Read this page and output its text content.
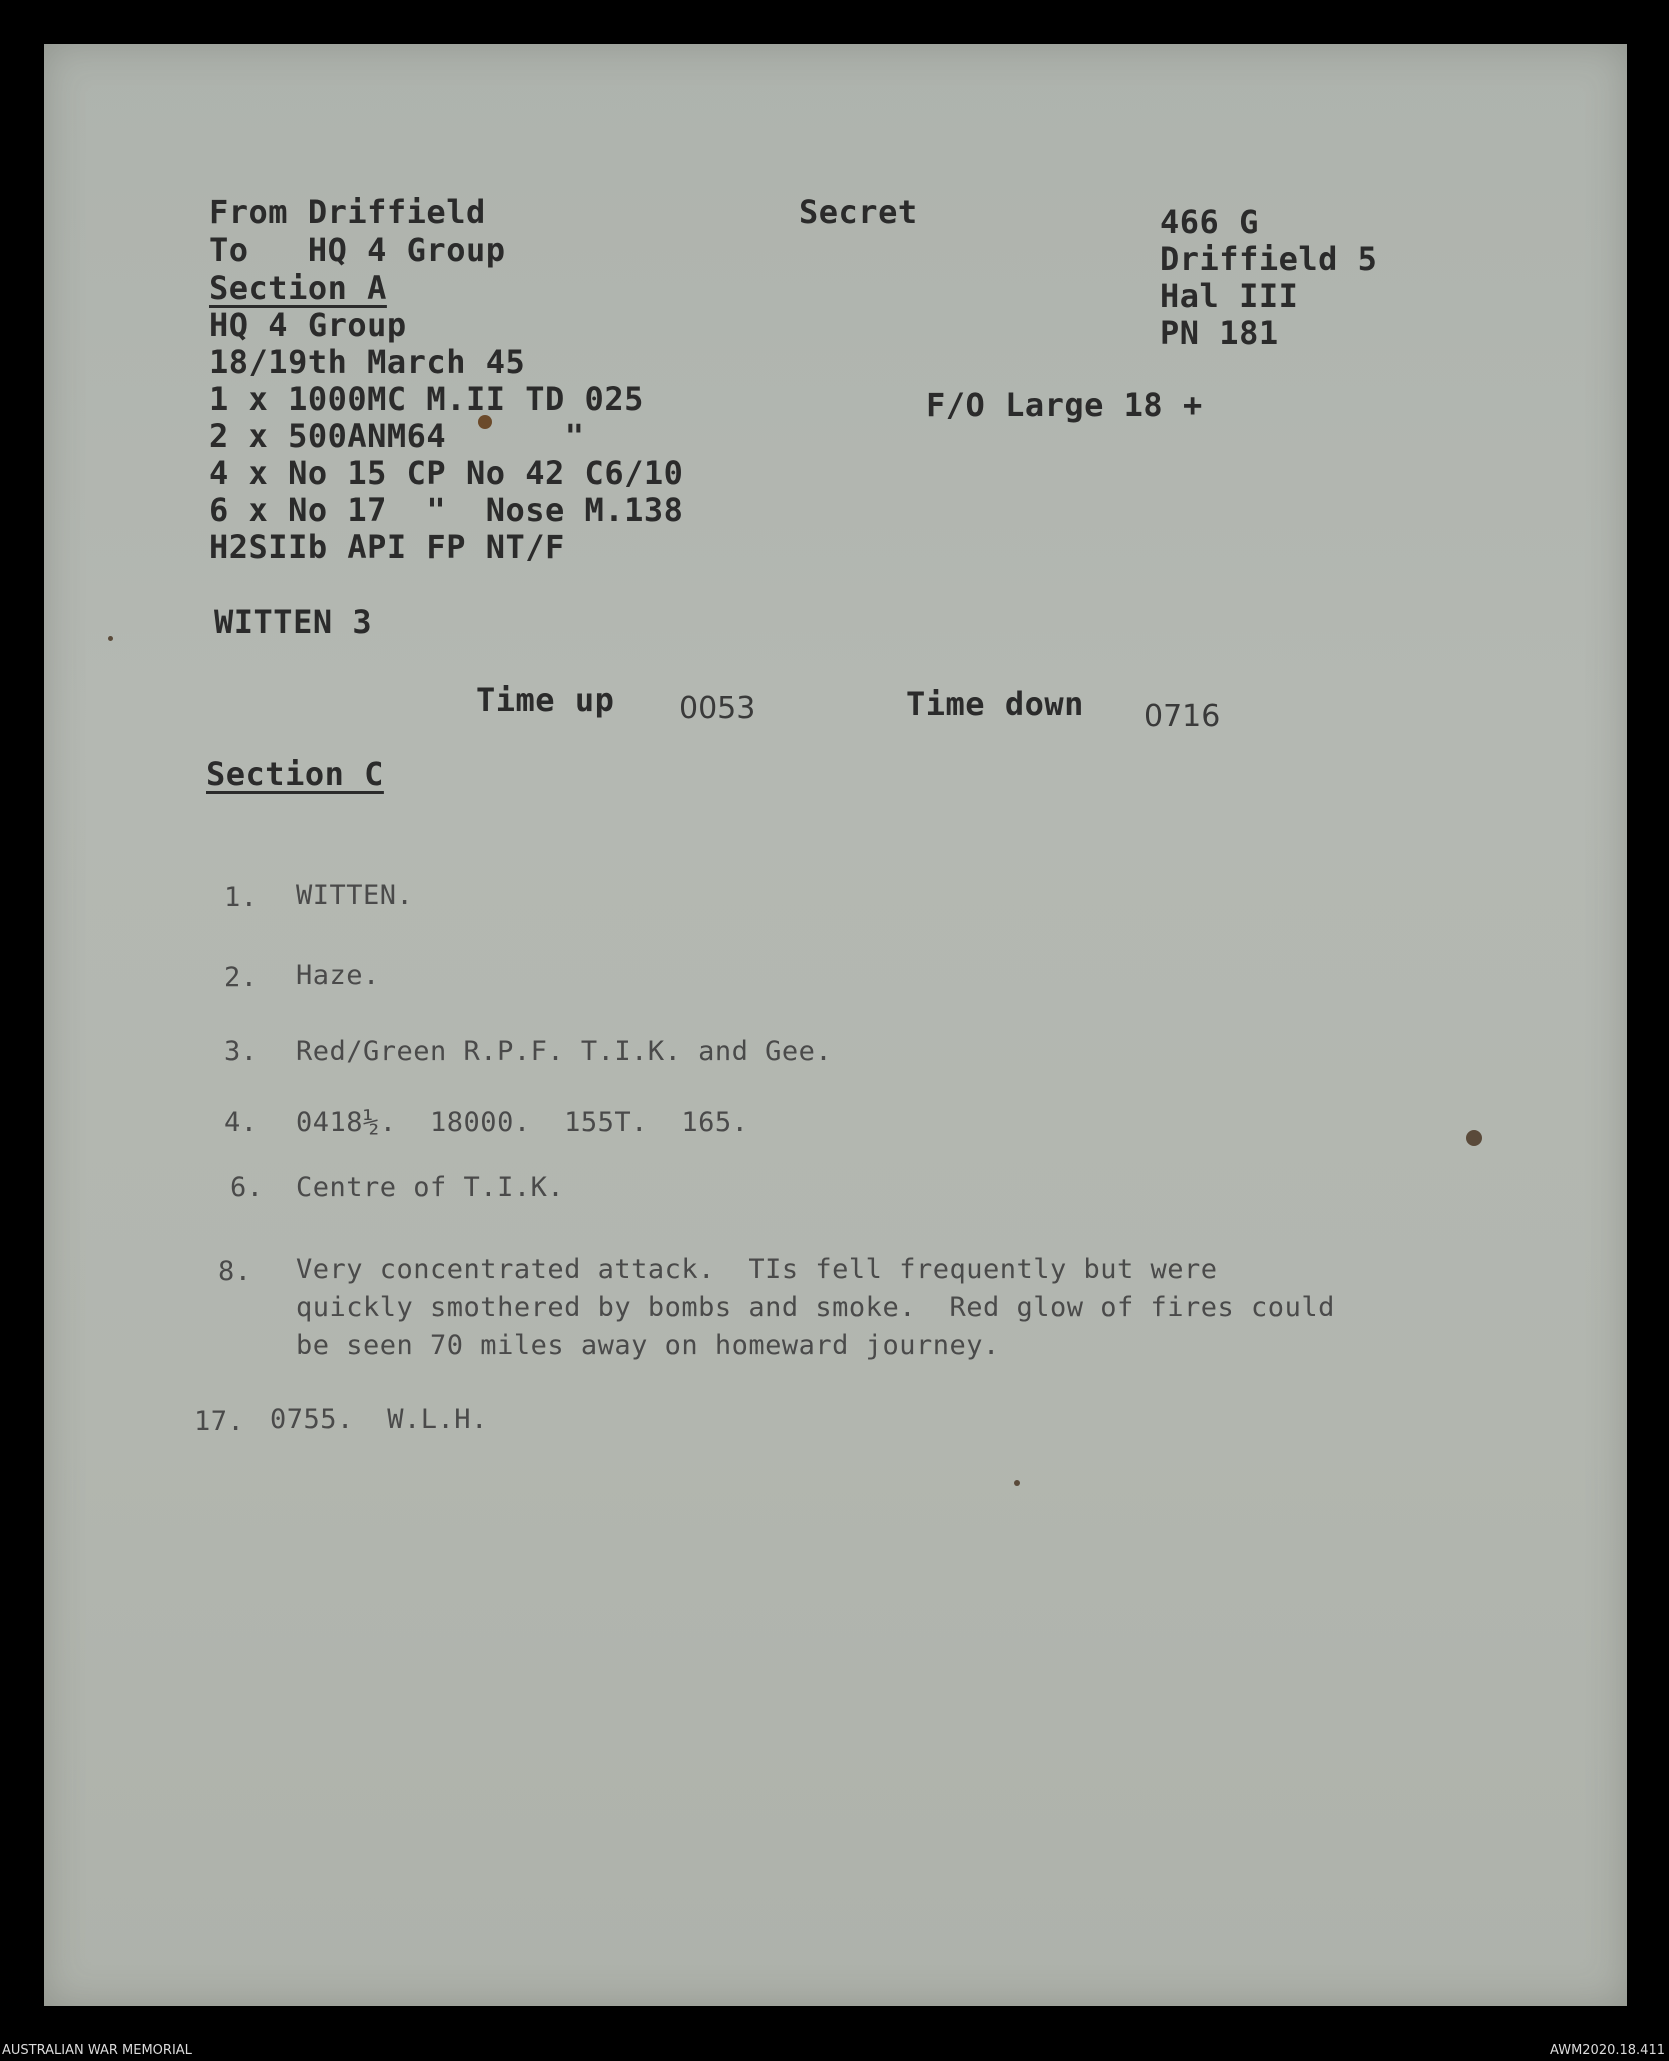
From Driffield
To   HQ 4 Group
Section A
HQ 4 Group
18/19th March 45
1 x 1000MC M.II TD 025
2 x 500ANM64      "
4 x No 15 CP No 42 C6/10
6 x No 17  "  Nose M.138
H2SIIb API FP NT/F
Secret	466 G
Driffield 5
Hal III
PN 181
F/O Large 18 +
WITTEN 3
Time up 0053	Time down 0716
Section C
1. WITTEN.
2. Haze.
3. Red/Green R.P.F. T.I.K. and Gee.
4. 0418½.  18000.  155T.  165.
6. Centre of T.I.K.
8. Very concentrated attack.  TIs fell frequently but were
quickly smothered by bombs and smoke.  Red glow of fires could
be seen 70 miles away on homeward journey.
17. 0755.  W.L.H.
AUSTRALIAN WAR MEMORIAL	AWM2020.18.411
